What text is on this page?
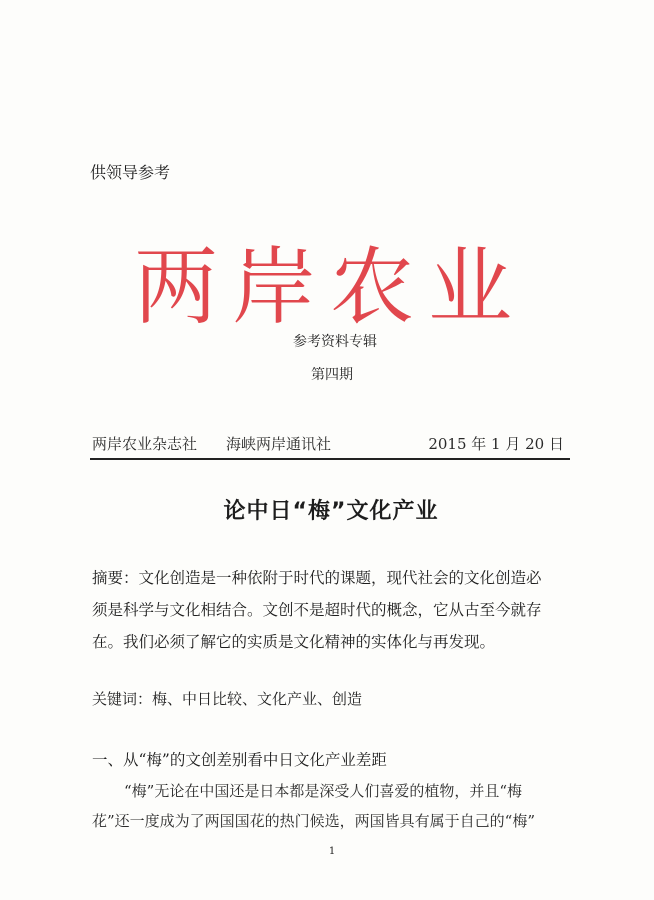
供领导参考
两岸农业
参考资料专辑
第四期
两岸农业杂志社 海峡两岸通讯社	2015 年 1 月 20 日
论中日“梅”文化产业
摘要：文化创造是一种依附于时代的课题，现代社会的文化创造必
须是科学与文化相结合。文创不是超时代的概念，它从古至今就存
在。我们必须了解它的实质是文化精神的实体化与再发现。
关键词：梅、中日比较、文化产业、创造
一、从“梅”的文创差别看中日文化产业差距
“梅”无论在中国还是日本都是深受人们喜爱的植物，并且“梅
花”还一度成为了两国国花的热门候选，两国皆具有属于自己的“梅”
1
